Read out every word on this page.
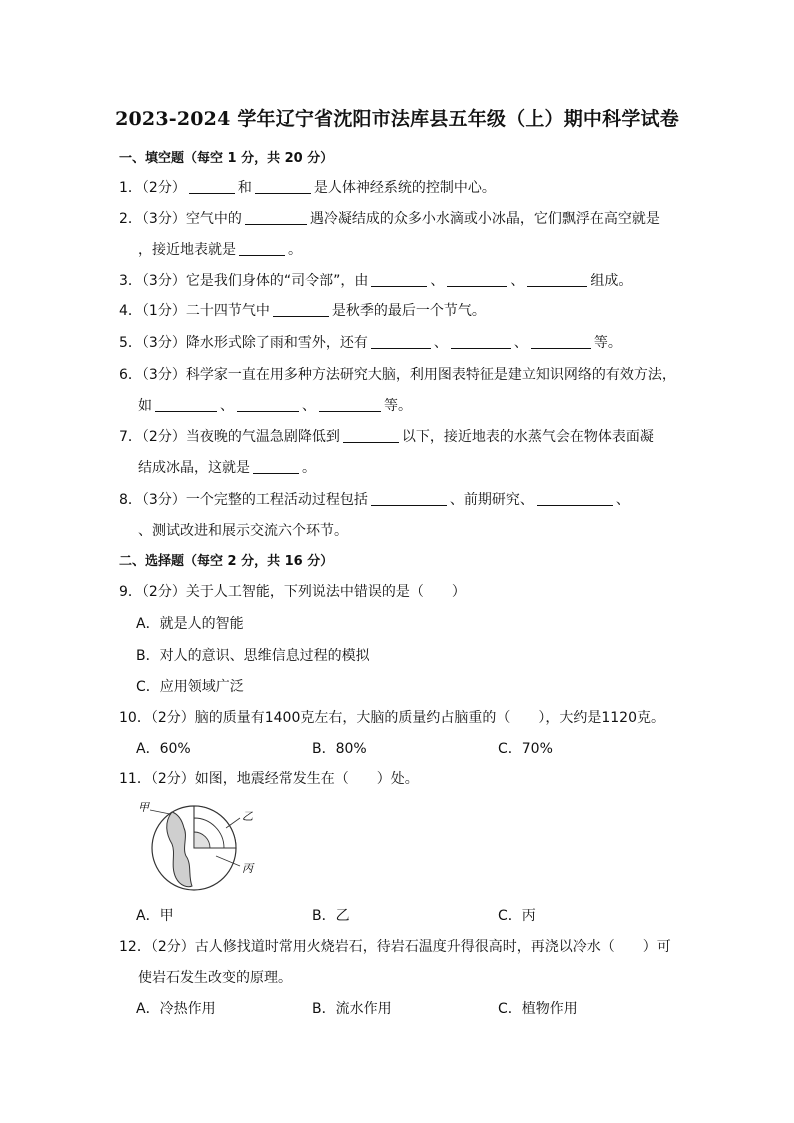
2023-2024 学年辽宁省沈阳市法库县五年级（上）期中科学试卷
一、填空题（每空 1 分，共 20 分）
1．（2分）	和	是人体神经系统的控制中心。
2．（3分）空气中的	遇冷凝结成的众多小水滴或小冰晶，它们飘浮在高空就是
，接近地表就是	。
3．（3分）它是我们身体的“司令部”，由	、	、	组成。
4．（1分）二十四节气中	是秋季的最后一个节气。
5．（3分）降水形式除了雨和雪外，还有	、	、	等。
6．（3分）科学家一直在用多种方法研究大脑，利用图表特征是建立知识网络的有效方法，
如	、	、	等。
7．（2分）当夜晚的气温急剧降低到	以下，接近地表的水蒸气会在物体表面凝
结成冰晶，这就是	。
8．（3分）一个完整的工程活动过程包括	、前期研究、	、
、测试改进和展示交流六个环节。
二、选择题（每空 2 分，共 16 分）
9．（2分）关于人工智能，下列说法中错误的是（　　）
A．就是人的智能
B．对人的意识、思维信息过程的模拟
C．应用领域广泛
10．（2分）脑的质量有1400克左右，大脑的质量约占脑重的（　　），大约是1120克。
A．60%	B．80%	C．70%
11．（2分）如图，地震经常发生在（　　）处。
甲
乙
丙
A．甲	B．乙	C．丙
12．（2分）古人修找道时常用火烧岩石，待岩石温度升得很高时，再浇以冷水（　　）可
使岩石发生改变的原理。
A．冷热作用	B．流水作用	C．植物作用
